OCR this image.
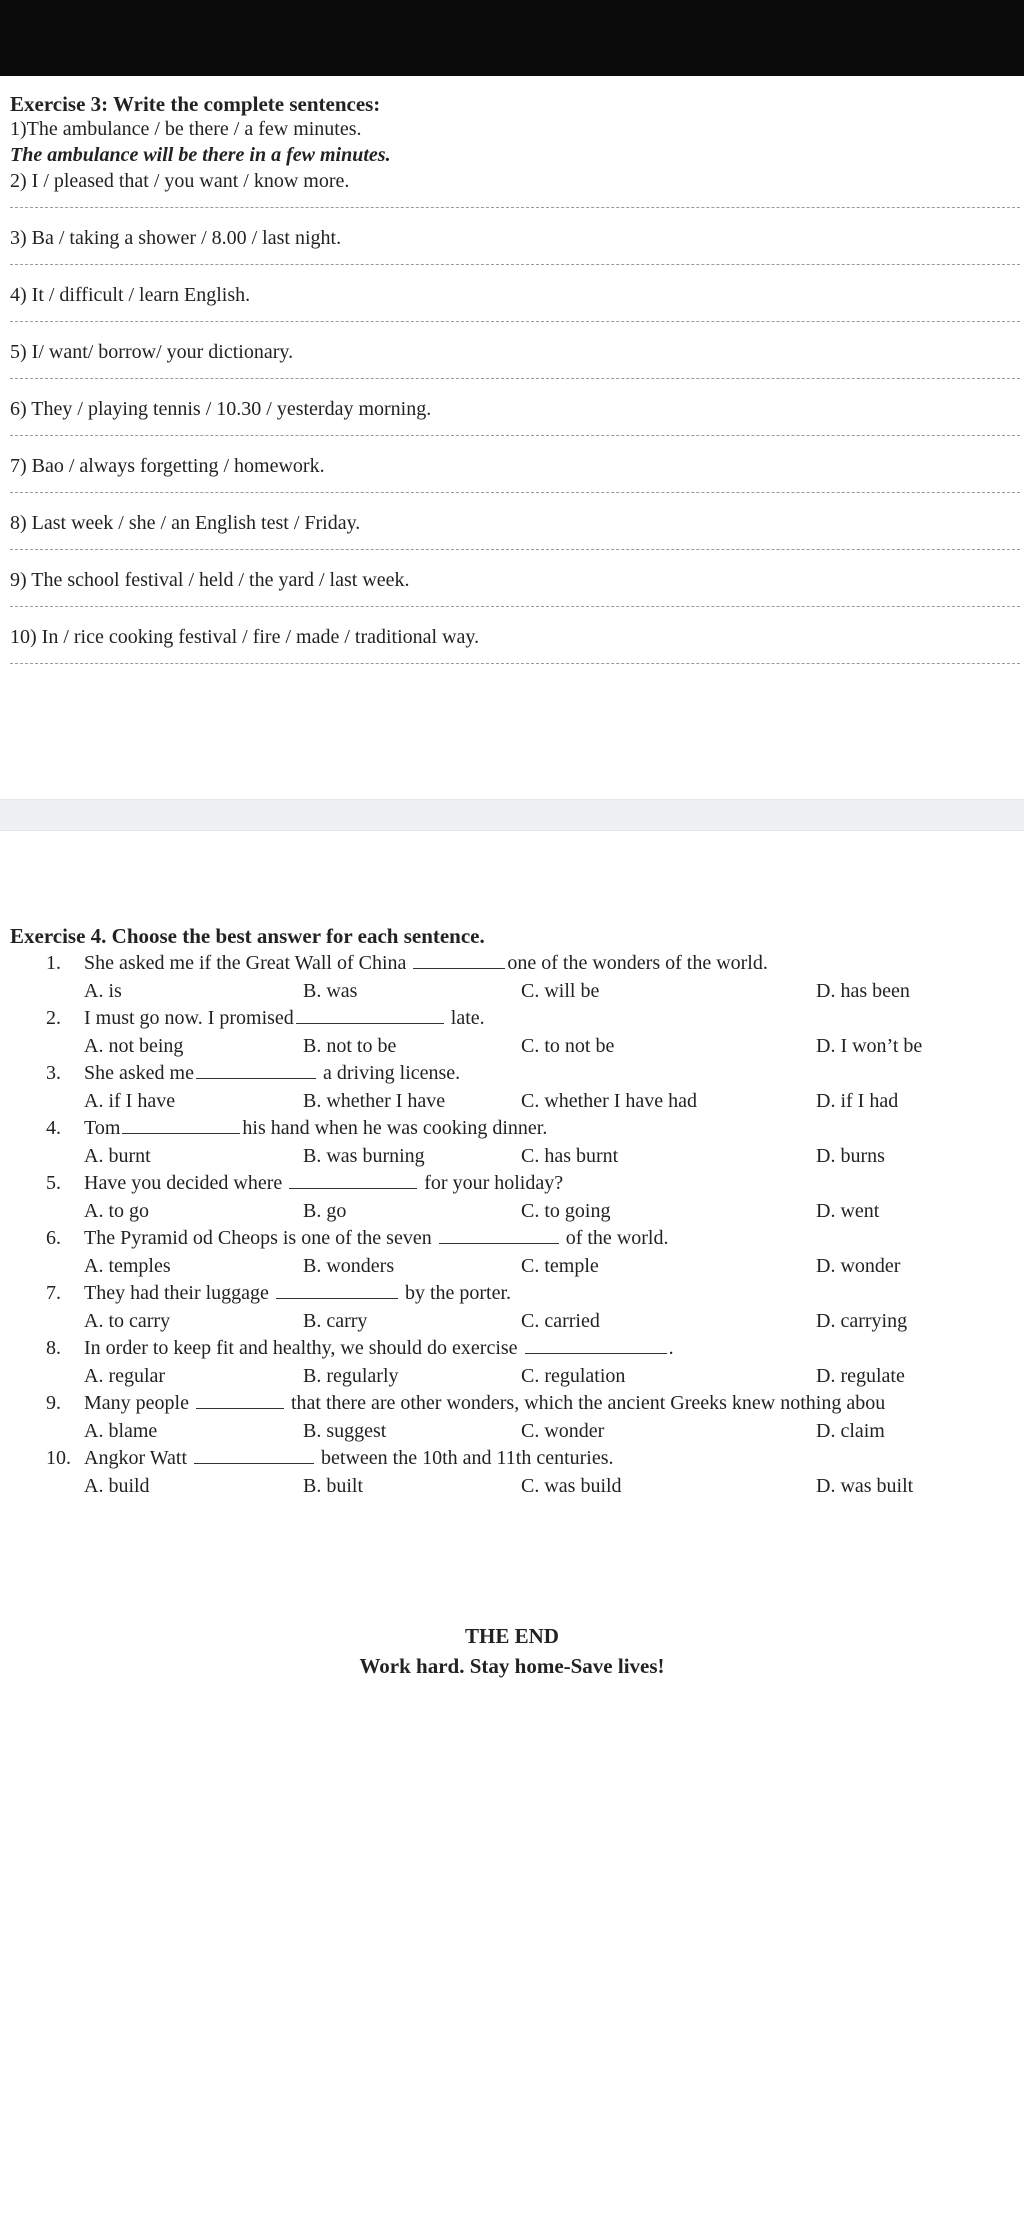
Exercise 3: Write the complete sentences:
1)The ambulance / be there / a few minutes.
The ambulance will be there in a few minutes.
2) I / pleased that / you want / know more.
3) Ba / taking a shower / 8.00 / last night.
4) It / difficult / learn English.
5) I/ want/ borrow/ your dictionary.
6) They / playing tennis / 10.30 / yesterday morning.
7) Bao / always forgetting / homework.
8) Last week / she / an English test / Friday.
9) The school festival / held / the yard / last week.
10) In / rice cooking festival / fire / made / traditional way.
Exercise 4. Choose the best answer for each sentence.
1. She asked me if the Great Wall of China	one of the wonders of the world.
A. is	B. was	C. will be	D. has been
2. I must go now. I promised	late.
A. not being	B. not to be	C. to not be	D. I won’t be
3. She asked me	a driving license.
A. if I have	B. whether I have	C. whether I have had	D. if I had
4. Tom	his hand when he was cooking dinner.
A. burnt	B. was burning	C. has burnt	D. burns
5. Have you decided where	for your holiday?
A. to go	B. go	C. to going	D. went
6. The Pyramid od Cheops is one of the seven	of the world.
A. temples	B. wonders	C. temple	D. wonder
7. They had their luggage	by the porter.
A. to carry	B. carry	C. carried	D. carrying
8. In order to keep fit and healthy, we should do exercise	.
A. regular	B. regularly	C. regulation	D. regulate
9. Many people	that there are other wonders, which the ancient Greeks knew nothing abou
A. blame	B. suggest	C. wonder	D. claim
10. Angkor Watt	between the 10th and 11th centuries.
A. build	B. built	C. was build	D. was built
THE END
Work hard. Stay home-Save lives!
